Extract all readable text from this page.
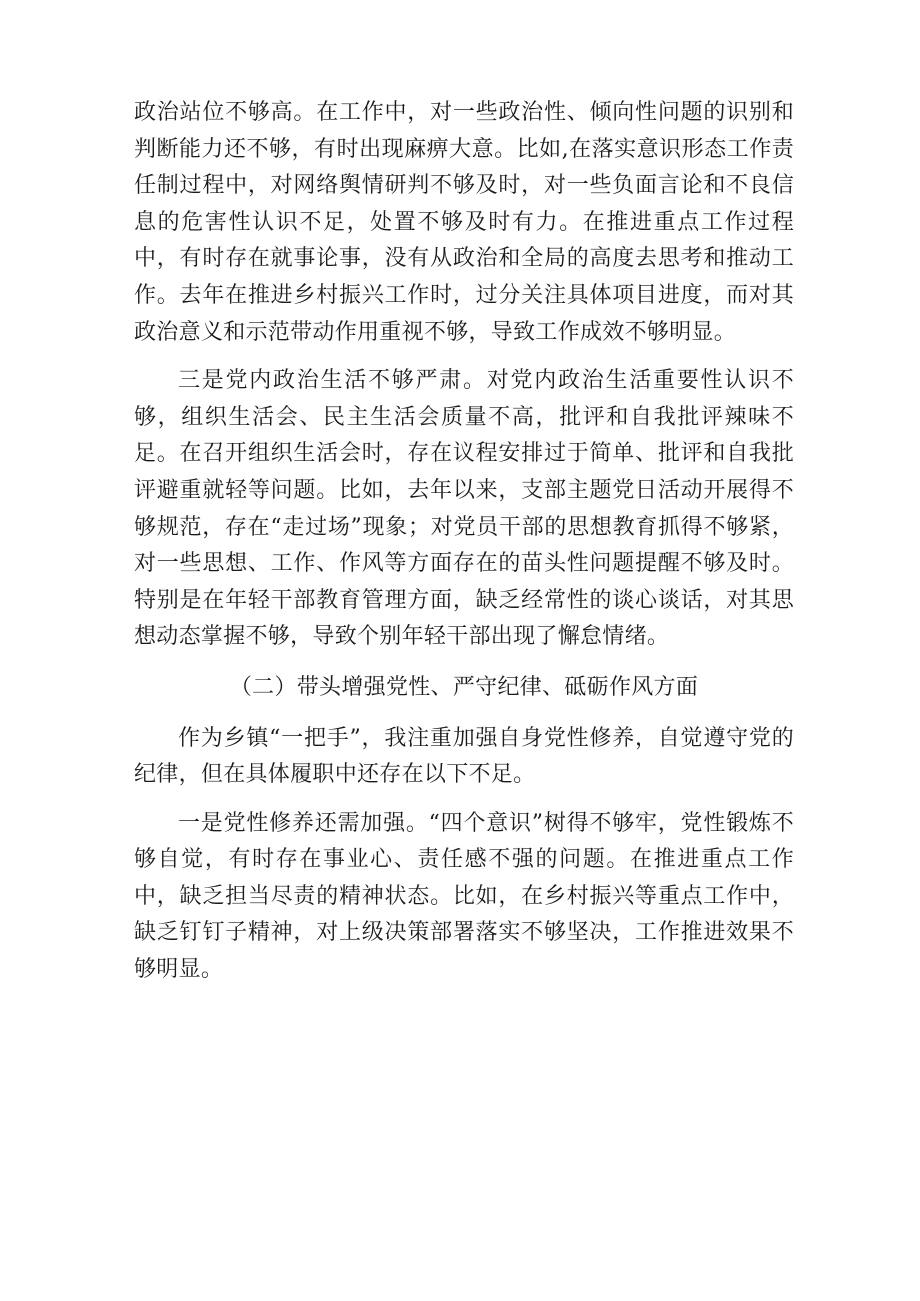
政治站位不够高。在工作中，对一些政治性、倾向性问题的识别和判断能力还不够，有时出现麻痹大意。比如,在落实意识形态工作责任制过程中，对网络舆情研判不够及时，对一些负面言论和不良信息的危害性认识不足，处置不够及时有力。在推进重点工作过程中，有时存在就事论事，没有从政治和全局的高度去思考和推动工作。去年在推进乡村振兴工作时，过分关注具体项目进度，而对其政治意义和示范带动作用重视不够，导致工作成效不够明显。

三是党内政治生活不够严肃。对党内政治生活重要性认识不够，组织生活会、民主生活会质量不高，批评和自我批评辣味不足。在召开组织生活会时，存在议程安排过于简单、批评和自我批评避重就轻等问题。比如，去年以来，支部主题党日活动开展得不够规范，存在“走过场”现象；对党员干部的思想教育抓得不够紧，对一些思想、工作、作风等方面存在的苗头性问题提醒不够及时。特别是在年轻干部教育管理方面，缺乏经常性的谈心谈话，对其思想动态掌握不够，导致个别年轻干部出现了懈怠情绪。

（二）带头增强党性、严守纪律、砥砺作风方面

作为乡镇“一把手”，我注重加强自身党性修养，自觉遵守党的纪律，但在具体履职中还存在以下不足。

一是党性修养还需加强。“四个意识”树得不够牢，党性锻炼不够自觉，有时存在事业心、责任感不强的问题。在推进重点工作中，缺乏担当尽责的精神状态。比如，在乡村振兴等重点工作中，缺乏钉钉子精神，对上级决策部署落实不够坚决，工作推进效果不够明显。
